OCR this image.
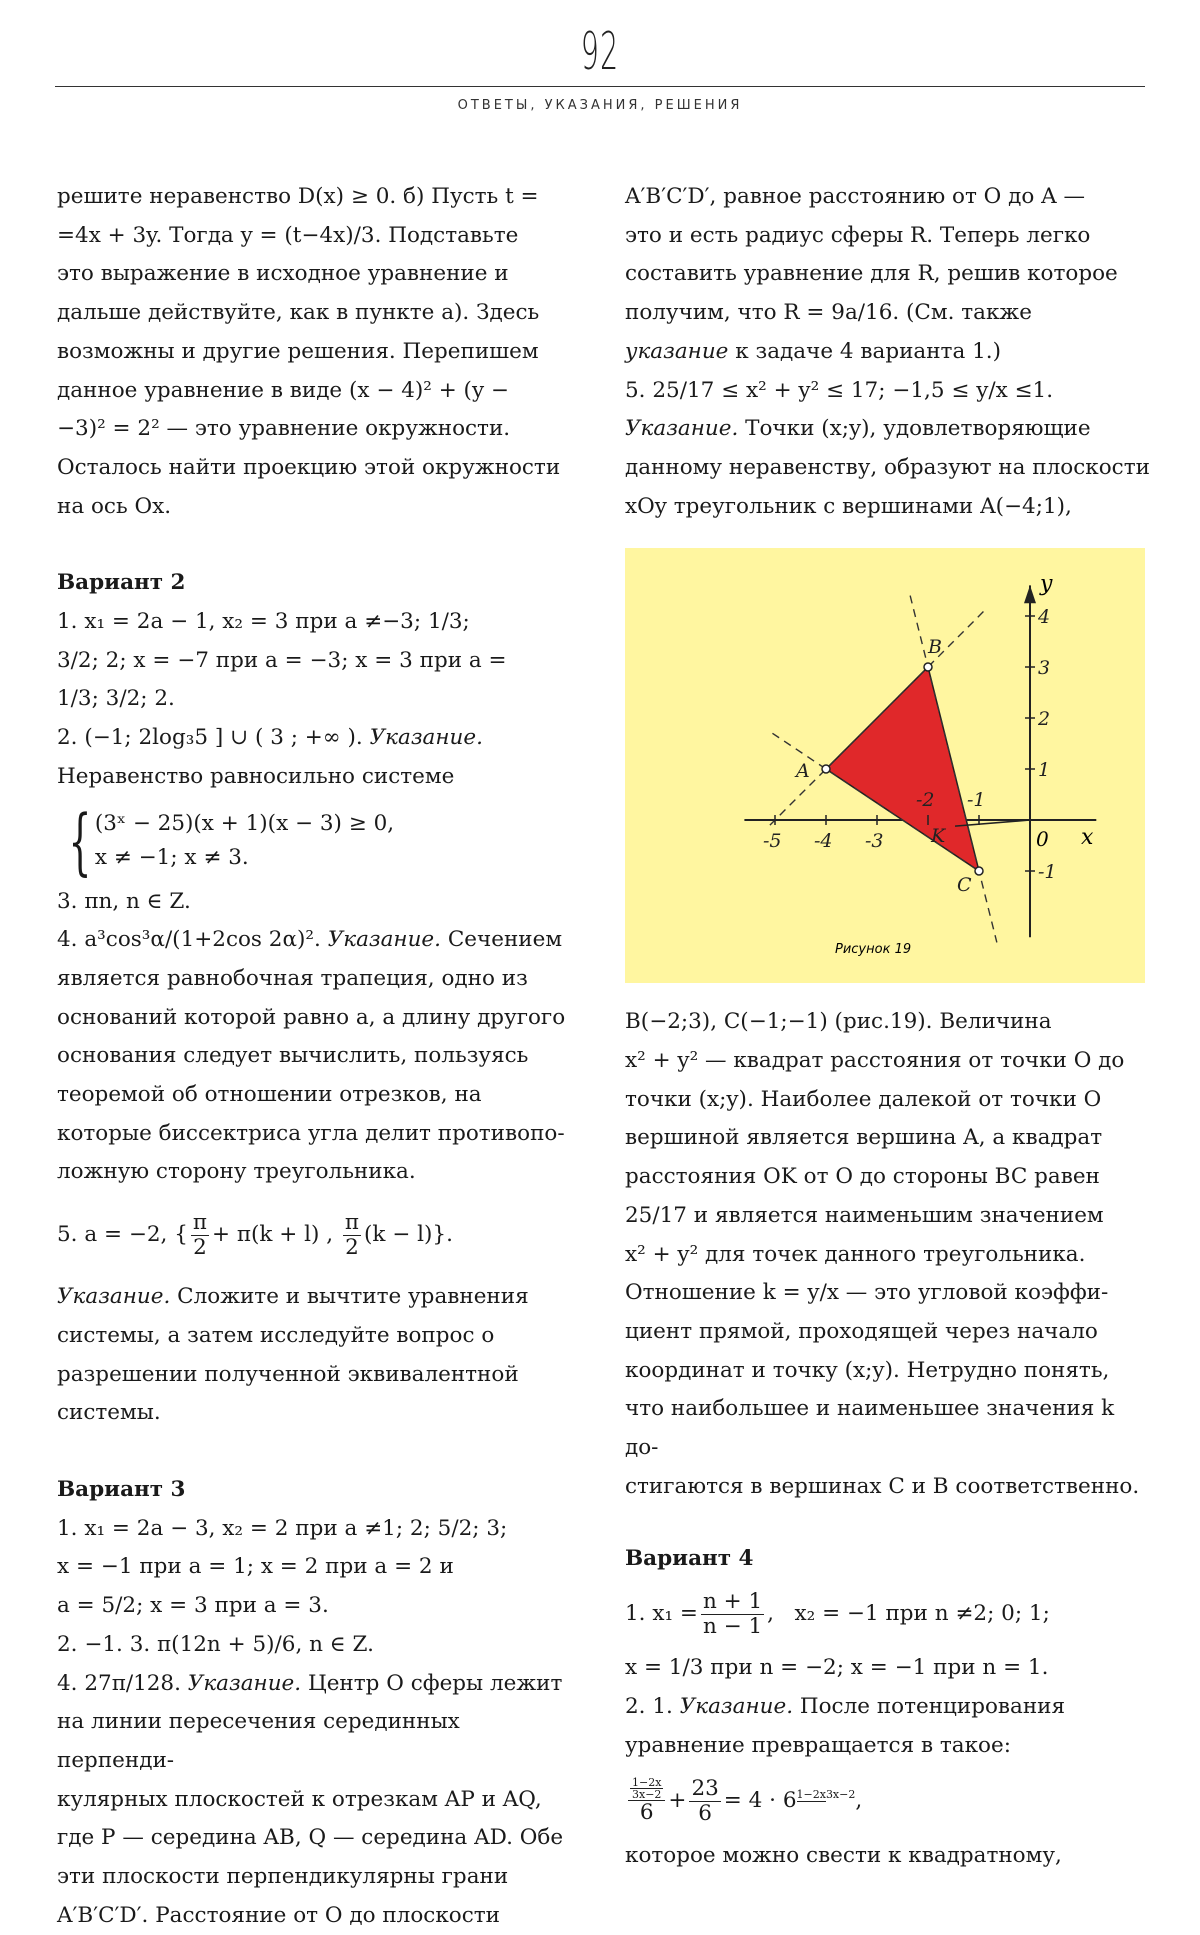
92
ОТВЕТЫ, УКАЗАНИЯ, РЕШЕНИЯ

решите неравенство D(x) ≥ 0. б) Пусть t =

=4x + 3y. Тогда y = (t−4x)/3. Подставьте

это выражение в исходное уравнение и

дальше действуйте, как в пункте а). Здесь

возможны и другие решения. Перепишем

данное уравнение в виде (x − 4)² + (y −

−3)² = 2² — это уравнение окружности.

Осталось найти проекцию этой окружности

на ось Ox.

Вариант 2

1. x₁ = 2a − 1, x₂ = 3 при a ≠−3; 1/3;

3/2; 2; x = −7 при a = −3; x = 3 при a =

1/3; 3/2; 2.

2. (−1; 2log₃5 ] ∪ ( 3 ; +∞ ). Указание.

Неравенство равносильно системе

{ (3ˣ − 25)(x + 1)(x − 3) ≥ 0,
x ≠ −1; x ≠ 3.

3. πn, n ∈ Z.

4. a³cos³α/(1+2cos 2α)². Указание. Сечением

является равнобочная трапеция, одно из

оснований которой равно a, а длину другого

основания следует вычислить, пользуясь

теоремой об отношении отрезков, на

которые биссектриса угла делит противопо-

ложную сторону треугольника.

5. a = −2, { $\frac{\pi}{2} + \pi(k + l)$ ,
$\frac{\pi}{2} (k - l)$}.

Указание. Сложите и вычтите уравнения

системы, а затем исследуйте вопрос о

разрешении полученной эквивалентной

системы.

Вариант 3

1. x₁ = 2a − 3, x₂ = 2 при a ≠1; 2; 5/2; 3;

x = −1 при a = 1; x = 2 при a = 2 и

a = 5/2; x = 3 при a = 3.

2. −1. 3. π(12n + 5)/6, n ∈ Z.

4. 27π/128. Указание. Центр O сферы лежит

на линии пересечения серединных перпенди-

кулярных плоскостей к отрезкам AP и AQ,

где P — середина AB, Q — середина AD. Обе

эти плоскости перпендикулярны грани

A′B′C′D′. Расстояние от O до плоскости

A′B′C′D′, равное расстоянию от O до A —

это и есть радиус сферы R. Теперь легко

составить уравнение для R, решив которое

получим, что R = 9a/16. (См. также

указание к задаче 4 варианта 1.)

5. 25/17 ≤ x² + y² ≤ 17; −1,5 ≤ y/x ≤1.

Указание. Точки (x;y), удовлетворяющие

данному неравенству, образуют на плоскости

xOy треугольник с вершинами A(−4;1),

-5 -4 -3
-2 -1
4
3
2
1
-1
A
B
C
K	x
y
0
Рисунок 19

B(−2;3), C(−1;−1) (рис.19). Величина

x² + y² — квадрат расстояния от точки O до

точки (x;y). Наиболее далекой от точки O

вершиной является вершина A, а квадрат

расстояния OK от O до стороны BC равен

25/17 и является наименьшим значением

x² + y² для точек данного треугольника.

Отношение k = y/x — это угловой коэффи-

циент прямой, проходящей через начало

координат и точку (x;y). Нетрудно понять,

что наибольшее и наименьшее значения k до-

стигаются в вершинах C и B соответственно.

Вариант 4

1. $x_1 = \frac{n + 1}{n - 1}$ ,   x₂ = −1 при n ≠2; 0; 1;

x = 1/3 при n = −2; x = −1 при n = 1.

2. 1. Указание. После потенцирования

уравнение превращается в такое:

1−2x
3x−2
$6 + \frac{23}{6} = 4 \cdot 6$ 1−2x3x−2 ,

которое можно свести к квадратному,
